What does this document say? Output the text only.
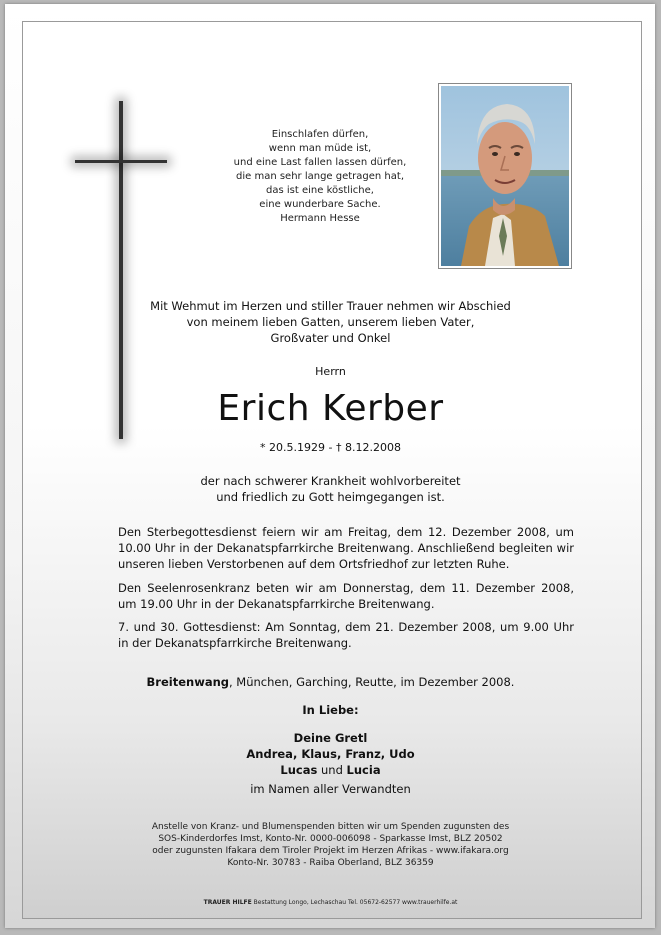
Einschlafen dürfen,
wenn man müde ist,
und eine Last fallen lassen dürfen,
die man sehr lange getragen hat,
das ist eine köstliche,
eine wunderbare Sache.
Hermann Hesse
Mit Wehmut im Herzen und stiller Trauer nehmen wir Abschied
von meinem lieben Gatten, unserem lieben Vater,
Großvater und Onkel
Herrn
Erich Kerber
* 20.5.1929 - † 8.12.2008
der nach schwerer Krankheit wohlvorbereitet
und friedlich zu Gott heimgegangen ist.
Den Sterbegottesdienst feiern wir am Freitag, dem 12. Dezember 2008, um 10.00 Uhr in der Dekanatspfarrkirche Breitenwang. Anschließend begleiten wir unseren lieben Verstorbenen auf dem Ortsfriedhof zur letzten Ruhe.
Den Seelenrosenkranz beten wir am Donnerstag, dem 11. Dezember 2008, um 19.00 Uhr in der Dekanatspfarrkirche Breitenwang.
7. und 30. Gottesdienst: Am Sonntag, dem 21. Dezember 2008, um 9.00 Uhr in der Dekanatspfarrkirche Breitenwang.
Breitenwang, München, Garching, Reutte, im Dezember 2008.
In Liebe:
Deine Gretl
Andrea, Klaus, Franz, Udo
Lucas und Lucia
im Namen aller Verwandten
Anstelle von Kranz- und Blumenspenden bitten wir um Spenden zugunsten des
SOS-Kinderdorfes Imst, Konto-Nr. 0000-006098 - Sparkasse Imst, BLZ 20502
oder zugunsten Ifakara dem Tiroler Projekt im Herzen Afrikas - www.ifakara.org
Konto-Nr. 30783 - Raiba Oberland, BLZ 36359
TRAUER HILFE Bestattung Longo, Lechaschau Tel. 05672-62577 www.trauerhilfe.at
